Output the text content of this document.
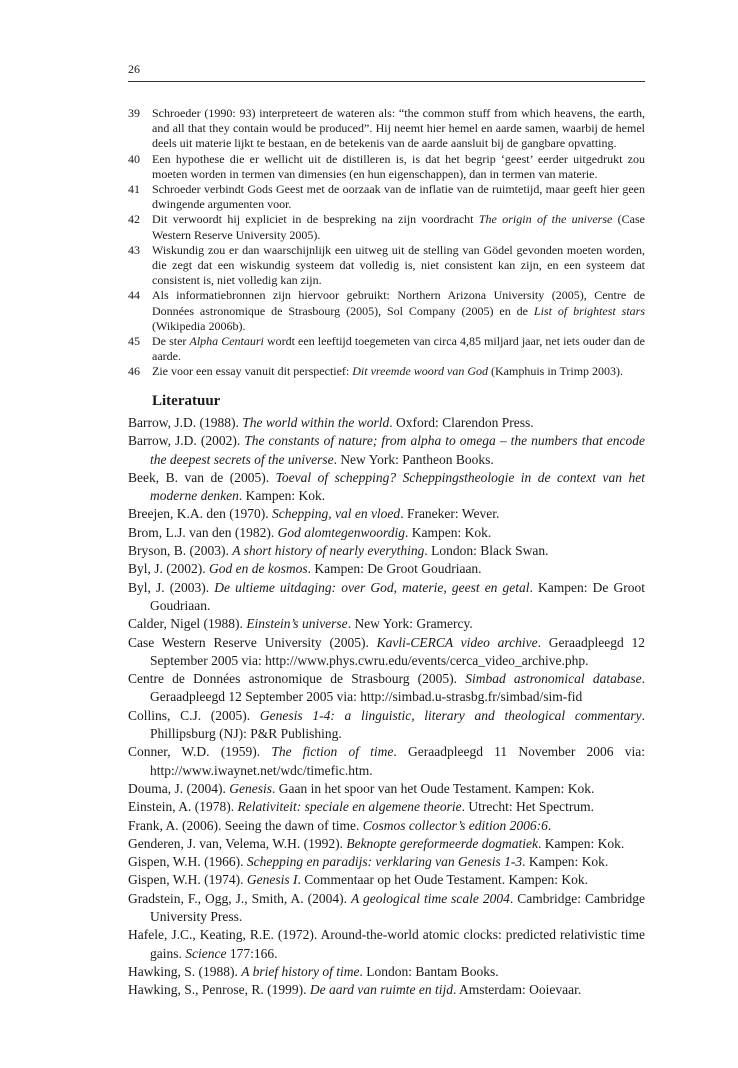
26
39	Schroeder (1990: 93) interpreteert de wateren als: “the common stuff from which heavens, the earth, and all that they contain would be produced”. Hij neemt hier hemel en aarde samen, waarbij de hemel deels uit materie lijkt te bestaan, en de betekenis van de aarde aansluit bij de gangbare opvatting.
40	Een hypothese die er wellicht uit de distilleren is, is dat het begrip ‘geest’ eerder uitgedrukt zou moeten worden in termen van dimensies (en hun eigenschappen), dan in termen van materie.
41	Schroeder verbindt Gods Geest met de oorzaak van de inflatie van de ruimtetijd, maar geeft hier geen dwingende argumenten voor.
42	Dit verwoordt hij expliciet in de bespreking na zijn voordracht The origin of the universe (Case Western Reserve University 2005).
43	Wiskundig zou er dan waarschijnlijk een uitweg uit de stelling van Gödel gevonden moeten worden, die zegt dat een wiskundig systeem dat volledig is, niet consistent kan zijn, en een systeem dat consistent is, niet volledig kan zijn.
44	Als informatiebronnen zijn hiervoor gebruikt: Northern Arizona University (2005), Centre de Données astronomique de Strasbourg (2005), Sol Company (2005) en de List of brightest stars (Wikipedia 2006b).
45	De ster Alpha Centauri wordt een leeftijd toegemeten van circa 4,85 miljard jaar, net iets ouder dan de aarde.
46	Zie voor een essay vanuit dit perspectief: Dit vreemde woord van God (Kamphuis in Trimp 2003).
Literatuur
Barrow, J.D. (1988). The world within the world. Oxford: Clarendon Press.
Barrow, J.D. (2002). The constants of nature; from alpha to omega – the numbers that encode the deepest secrets of the universe. New York: Pantheon Books.
Beek, B. van de (2005). Toeval of schepping? Scheppingstheologie in de context van het moderne denken. Kampen: Kok.
Breejen, K.A. den (1970). Schepping, val en vloed. Franeker: Wever.
Brom, L.J. van den (1982). God alomtegenwoordig. Kampen: Kok.
Bryson, B. (2003). A short history of nearly everything. London: Black Swan.
Byl, J. (2002). God en de kosmos. Kampen: De Groot Goudriaan.
Byl, J. (2003). De ultieme uitdaging: over God, materie, geest en getal. Kampen: De Groot Goudriaan.
Calder, Nigel (1988). Einstein’s universe. New York: Gramercy.
Case Western Reserve University (2005). Kavli-CERCA video archive. Geraadpleegd 12 September 2005 via: http://www.phys.cwru.edu/events/cerca_video_archive.php.
Centre de Données astronomique de Strasbourg (2005). Simbad astronomical database. Geraadpleegd 12 September 2005 via: http://simbad.u-strasbg.fr/simbad/sim-fid
Collins, C.J. (2005). Genesis 1-4: a linguistic, literary and theological commentary. Phillipsburg (NJ): P&R Publishing.
Conner, W.D. (1959). The fiction of time. Geraadpleegd 11 November 2006 via: http://www.iwaynet.net/wdc/timefic.htm.
Douma, J. (2004). Genesis. Gaan in het spoor van het Oude Testament. Kampen: Kok.
Einstein, A. (1978). Relativiteit: speciale en algemene theorie. Utrecht: Het Spectrum.
Frank, A. (2006). Seeing the dawn of time. Cosmos collector’s edition 2006:6.
Genderen, J. van, Velema, W.H. (1992). Beknopte gereformeerde dogmatiek. Kampen: Kok.
Gispen, W.H. (1966). Schepping en paradijs: verklaring van Genesis 1-3. Kampen: Kok.
Gispen, W.H. (1974). Genesis I. Commentaar op het Oude Testament. Kampen: Kok.
Gradstein, F., Ogg, J., Smith, A. (2004). A geological time scale 2004. Cambridge: Cambridge University Press.
Hafele, J.C., Keating, R.E. (1972). Around-the-world atomic clocks: predicted relativistic time gains. Science 177:166.
Hawking, S. (1988). A brief history of time. London: Bantam Books.
Hawking, S., Penrose, R. (1999). De aard van ruimte en tijd. Amsterdam: Ooievaar.
